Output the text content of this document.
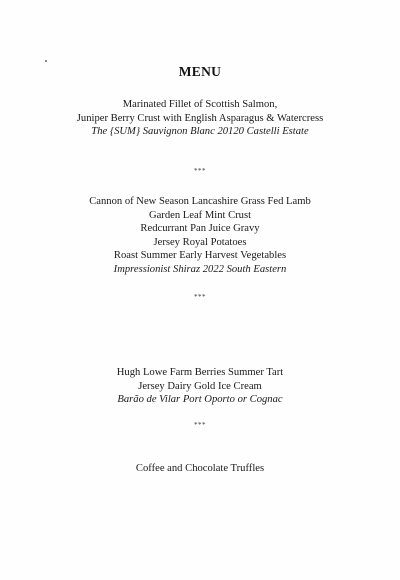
MENU
Marinated Fillet of Scottish Salmon,
Juniper Berry Crust with English Asparagus & Watercress
The {SUM} Sauvignon Blanc 20120 Castelli Estate
***
Cannon of New Season Lancashire Grass Fed Lamb
Garden Leaf Mint Crust
Redcurrant Pan Juice Gravy
Jersey Royal Potatoes
Roast Summer Early Harvest Vegetables
Impressionist Shiraz 2022 South Eastern
***
Hugh Lowe Farm Berries Summer Tart
Jersey Dairy Gold Ice Cream
Barão de Vilar Port Oporto or Cognac
***
Coffee and Chocolate Truffles
